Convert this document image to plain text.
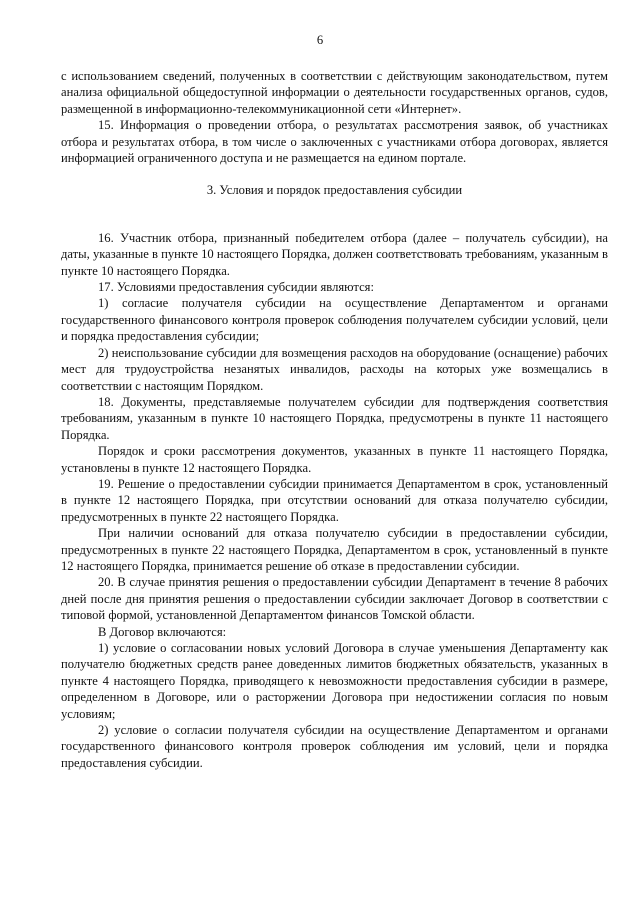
6

с использованием сведений, полученных в соответствии с действующим законодательством, путем анализа официальной общедоступной информации о деятельности государственных органов, судов, размещенной в информационно-телекоммуникационной сети «Интернет».

15. Информация о проведении отбора, о результатах рассмотрения заявок, об участниках отбора и результатах отбора, в том числе о заключенных с участниками отбора договорах, является информацией ограниченного доступа и не размещается на едином портале.

3. Условия и порядок предоставления субсидии

16. Участник отбора, признанный победителем отбора (далее – получатель субсидии), на даты, указанные в пункте 10 настоящего Порядка, должен соответствовать требованиям, указанным в пункте 10 настоящего Порядка.

17. Условиями предоставления субсидии являются:

1) согласие получателя субсидии на осуществление Департаментом и органами государственного финансового контроля проверок соблюдения получателем субсидии условий, цели и порядка предоставления субсидии;

2) неиспользование субсидии для возмещения расходов на оборудование (оснащение) рабочих мест для трудоустройства незанятых инвалидов, расходы на которых уже возмещались в соответствии с настоящим Порядком.

18. Документы, представляемые получателем субсидии для подтверждения соответствия требованиям, указанным в пункте 10 настоящего Порядка, предусмотрены в пункте 11 настоящего Порядка.

Порядок и сроки рассмотрения документов, указанных в пункте 11 настоящего Порядка, установлены в пункте 12 настоящего Порядка.

19. Решение о предоставлении субсидии принимается Департаментом в срок, установленный в пункте 12 настоящего Порядка, при отсутствии оснований для отказа получателю субсидии, предусмотренных в пункте 22 настоящего Порядка.

При наличии оснований для отказа получателю субсидии в предоставлении субсидии, предусмотренных в пункте 22 настоящего Порядка, Департаментом в срок, установленный в пункте 12 настоящего Порядка, принимается решение об отказе в предоставлении субсидии.

20. В случае принятия решения о предоставлении субсидии Департамент в течение 8 рабочих дней после дня принятия решения о предоставлении субсидии заключает Договор в соответствии с типовой формой, установленной Департаментом финансов Томской области.

В Договор включаются:

1) условие о согласовании новых условий Договора в случае уменьшения Департаменту как получателю бюджетных средств ранее доведенных лимитов бюджетных обязательств, указанных в пункте 4 настоящего Порядка, приводящего к невозможности предоставления субсидии в размере, определенном в Договоре, или о расторжении Договора при недостижении согласия по новым условиям;

2) условие о согласии получателя субсидии на осуществление Департаментом и органами государственного финансового контроля проверок соблюдения им условий, цели и порядка предоставления субсидии.
